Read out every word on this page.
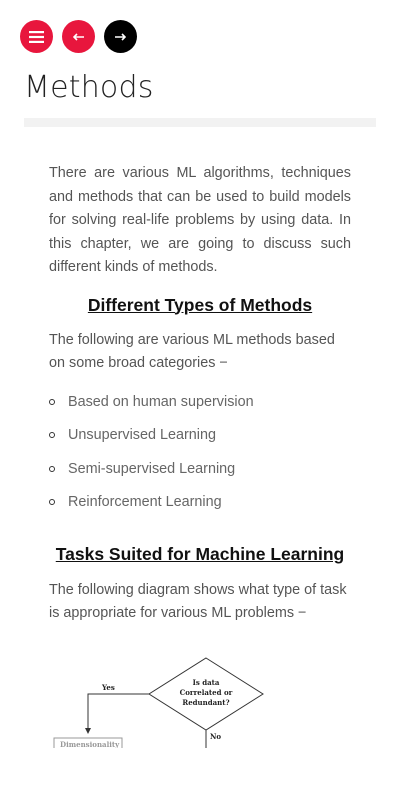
Methods

There are various ML algorithms, techniques and methods that can be used to build models for solving real-life problems by using data. In this chapter, we are going to discuss such different kinds of methods.

Different Types of Methods

The following are various ML methods based on some broad categories −

Based on human supervision
Unsupervised Learning
Semi-supervised Learning
Reinforcement Learning
Tasks Suited for Machine Learning

The following diagram shows what type of task is appropriate for various ML problems −

Is data
Correlated or
Redundant?
Yes
No
Dimensionality
